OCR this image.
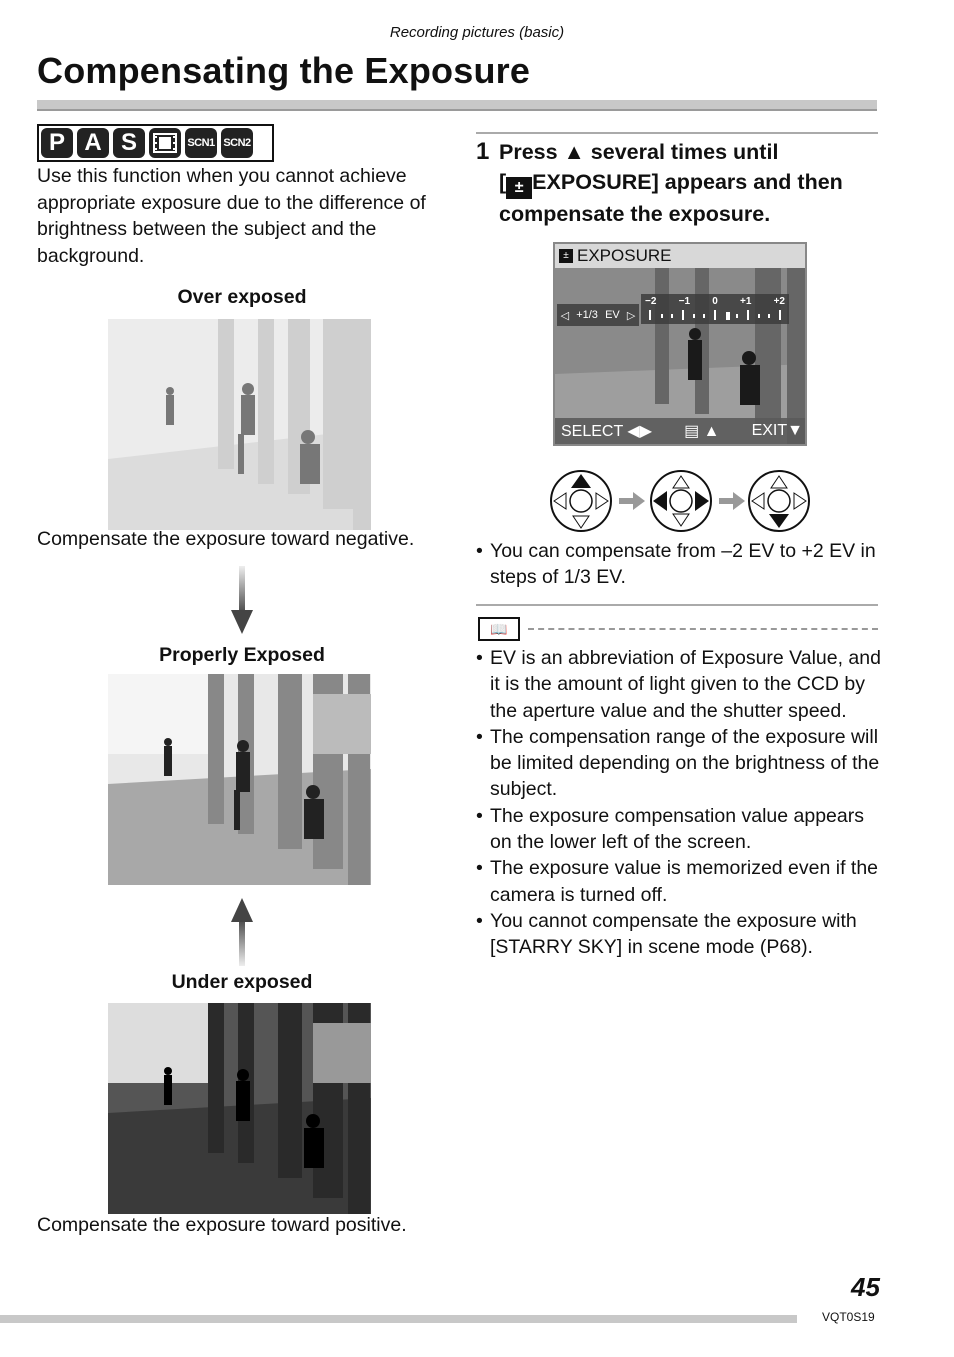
Recording pictures (basic)
Compensating the Exposure
P A S	SCN1 SCN2
Use this function when you cannot achieve appropriate exposure due to the difference of brightness between the subject and the background.
Over exposed
Compensate the exposure toward negative.
Properly Exposed
Under exposed
Compensate the exposure toward positive.
1 Press ▲ several times until
[ ± EXPOSURE] appears and then
compensate the exposure.
± EXPOSURE
−2 −1 0 +1 +2
◁ +1/3 EV ▷
SELECT ◀▶ ▤ ▲ EXIT▼
• You can compensate from –2 EV to +2 EV in steps of 1/3 EV.
📖
• EV is an abbreviation of Exposure Value, and it is the amount of light given to the CCD by the aperture value and the shutter speed.
• The compensation range of the exposure will be limited depending on the brightness of the subject.
• The exposure compensation value appears on the lower left of the screen.
• The exposure value is memorized even if the camera is turned off.
• You cannot compensate the exposure with [STARRY SKY] in scene mode (P68).
45
VQT0S19
